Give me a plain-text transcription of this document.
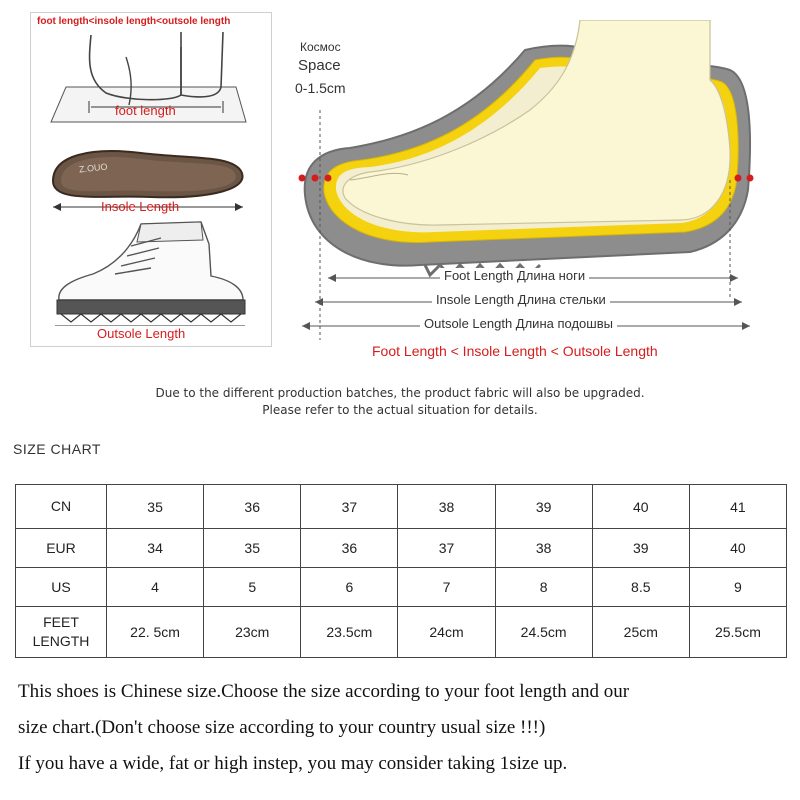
foot length<insole length<outsole length
foot length
Z.OUO
Insole Length
Outsole Length
Космос
Space
0-1.5cm
Foot Length Длина ноги
Insole Length Длина стельки
Outsole Length Длина подошвы
Foot Length < Insole Length < Outsole Length
Due to the different production batches, the product fabric will also be upgraded.
Please refer to the actual situation for details.
SIZE CHART
CN	35	36	37	38	39	40	41

EUR	34	35	36	37	38	39	40

US	4	5	6	7	8	8.5	9

FEET
LENGTH	22. 5cm	23cm	23.5cm	24cm	24.5cm	25cm	25.5cm

This shoes is Chinese size.Choose the size according to your foot length and our

size chart.(Don't choose size according to your country usual size !!!)

If you have a wide, fat or high instep, you may consider taking 1size up.
